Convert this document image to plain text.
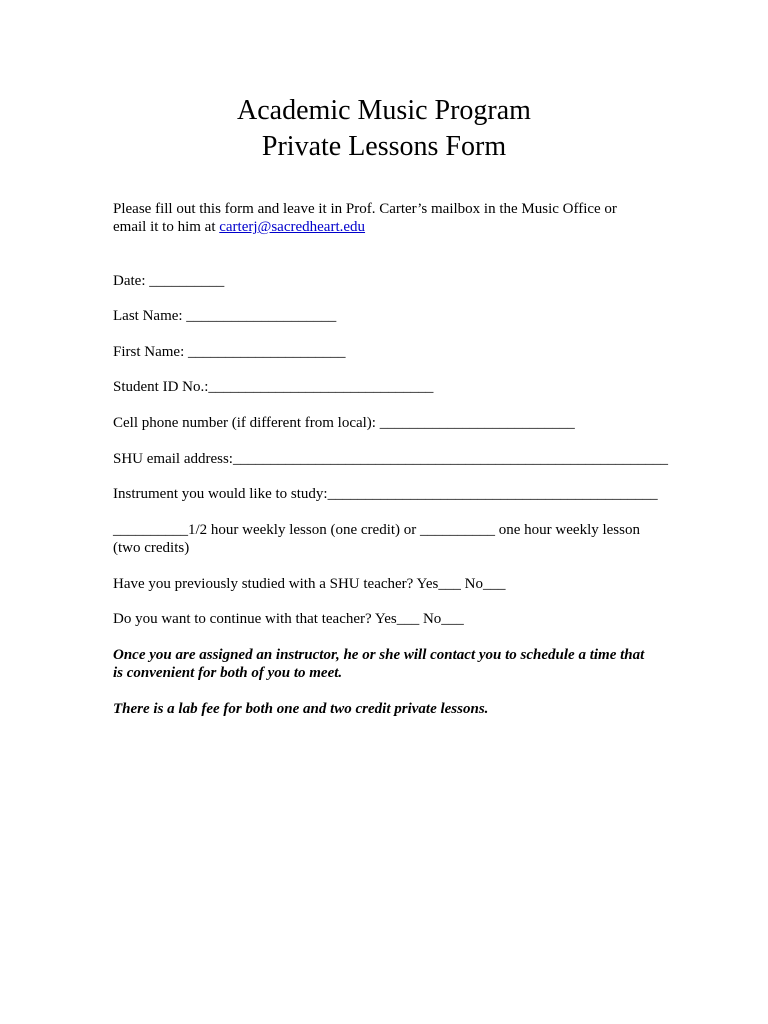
Academic Music Program
Private Lessons Form

Please fill out this form and leave it in Prof. Carter’s mailbox in the Music Office or

email it to him at carterj@sacredheart.edu

Date: __________

Last Name: ____________________

First Name: _____________________

Student ID No.:______________________________

Cell phone number (if different from local): __________________________

SHU email address:__________________________________________________________

Instrument you would like to study:____________________________________________

__________1/2 hour weekly lesson (one credit) or __________ one hour weekly lesson

(two credits)

Have you previously studied with a SHU teacher? Yes___ No___

Do you want to continue with that teacher? Yes___ No___

Once you are assigned an instructor, he or she will contact you to schedule a time that

is convenient for both of you to meet.

There is a lab fee for both one and two credit private lessons.
